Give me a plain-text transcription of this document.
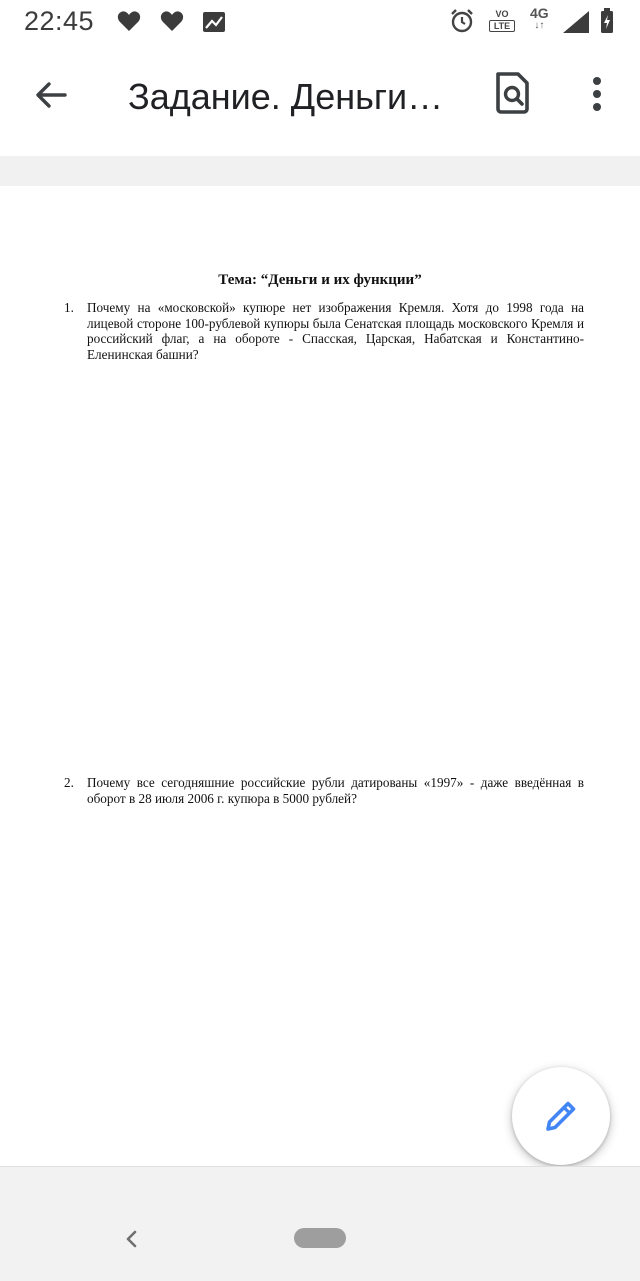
22:45	VO
LTE
4G
↓↑
Задание. Деньги…
Тема: “Деньги и их функции”
1. Почему на «московской» купюре нет изображения Кремля. Хотя до 1998 года на лицевой стороне 100-рублевой купюры была Сенатская площадь московского Кремля и российский флаг, а на обороте - Спасская, Царская, Набатская и Константино-Еленинская башни?
2. Почему все сегодняшние российские рубли датированы «1997» - даже введённая в оборот в 28 июля 2006 г. купюра в 5000 рублей?
